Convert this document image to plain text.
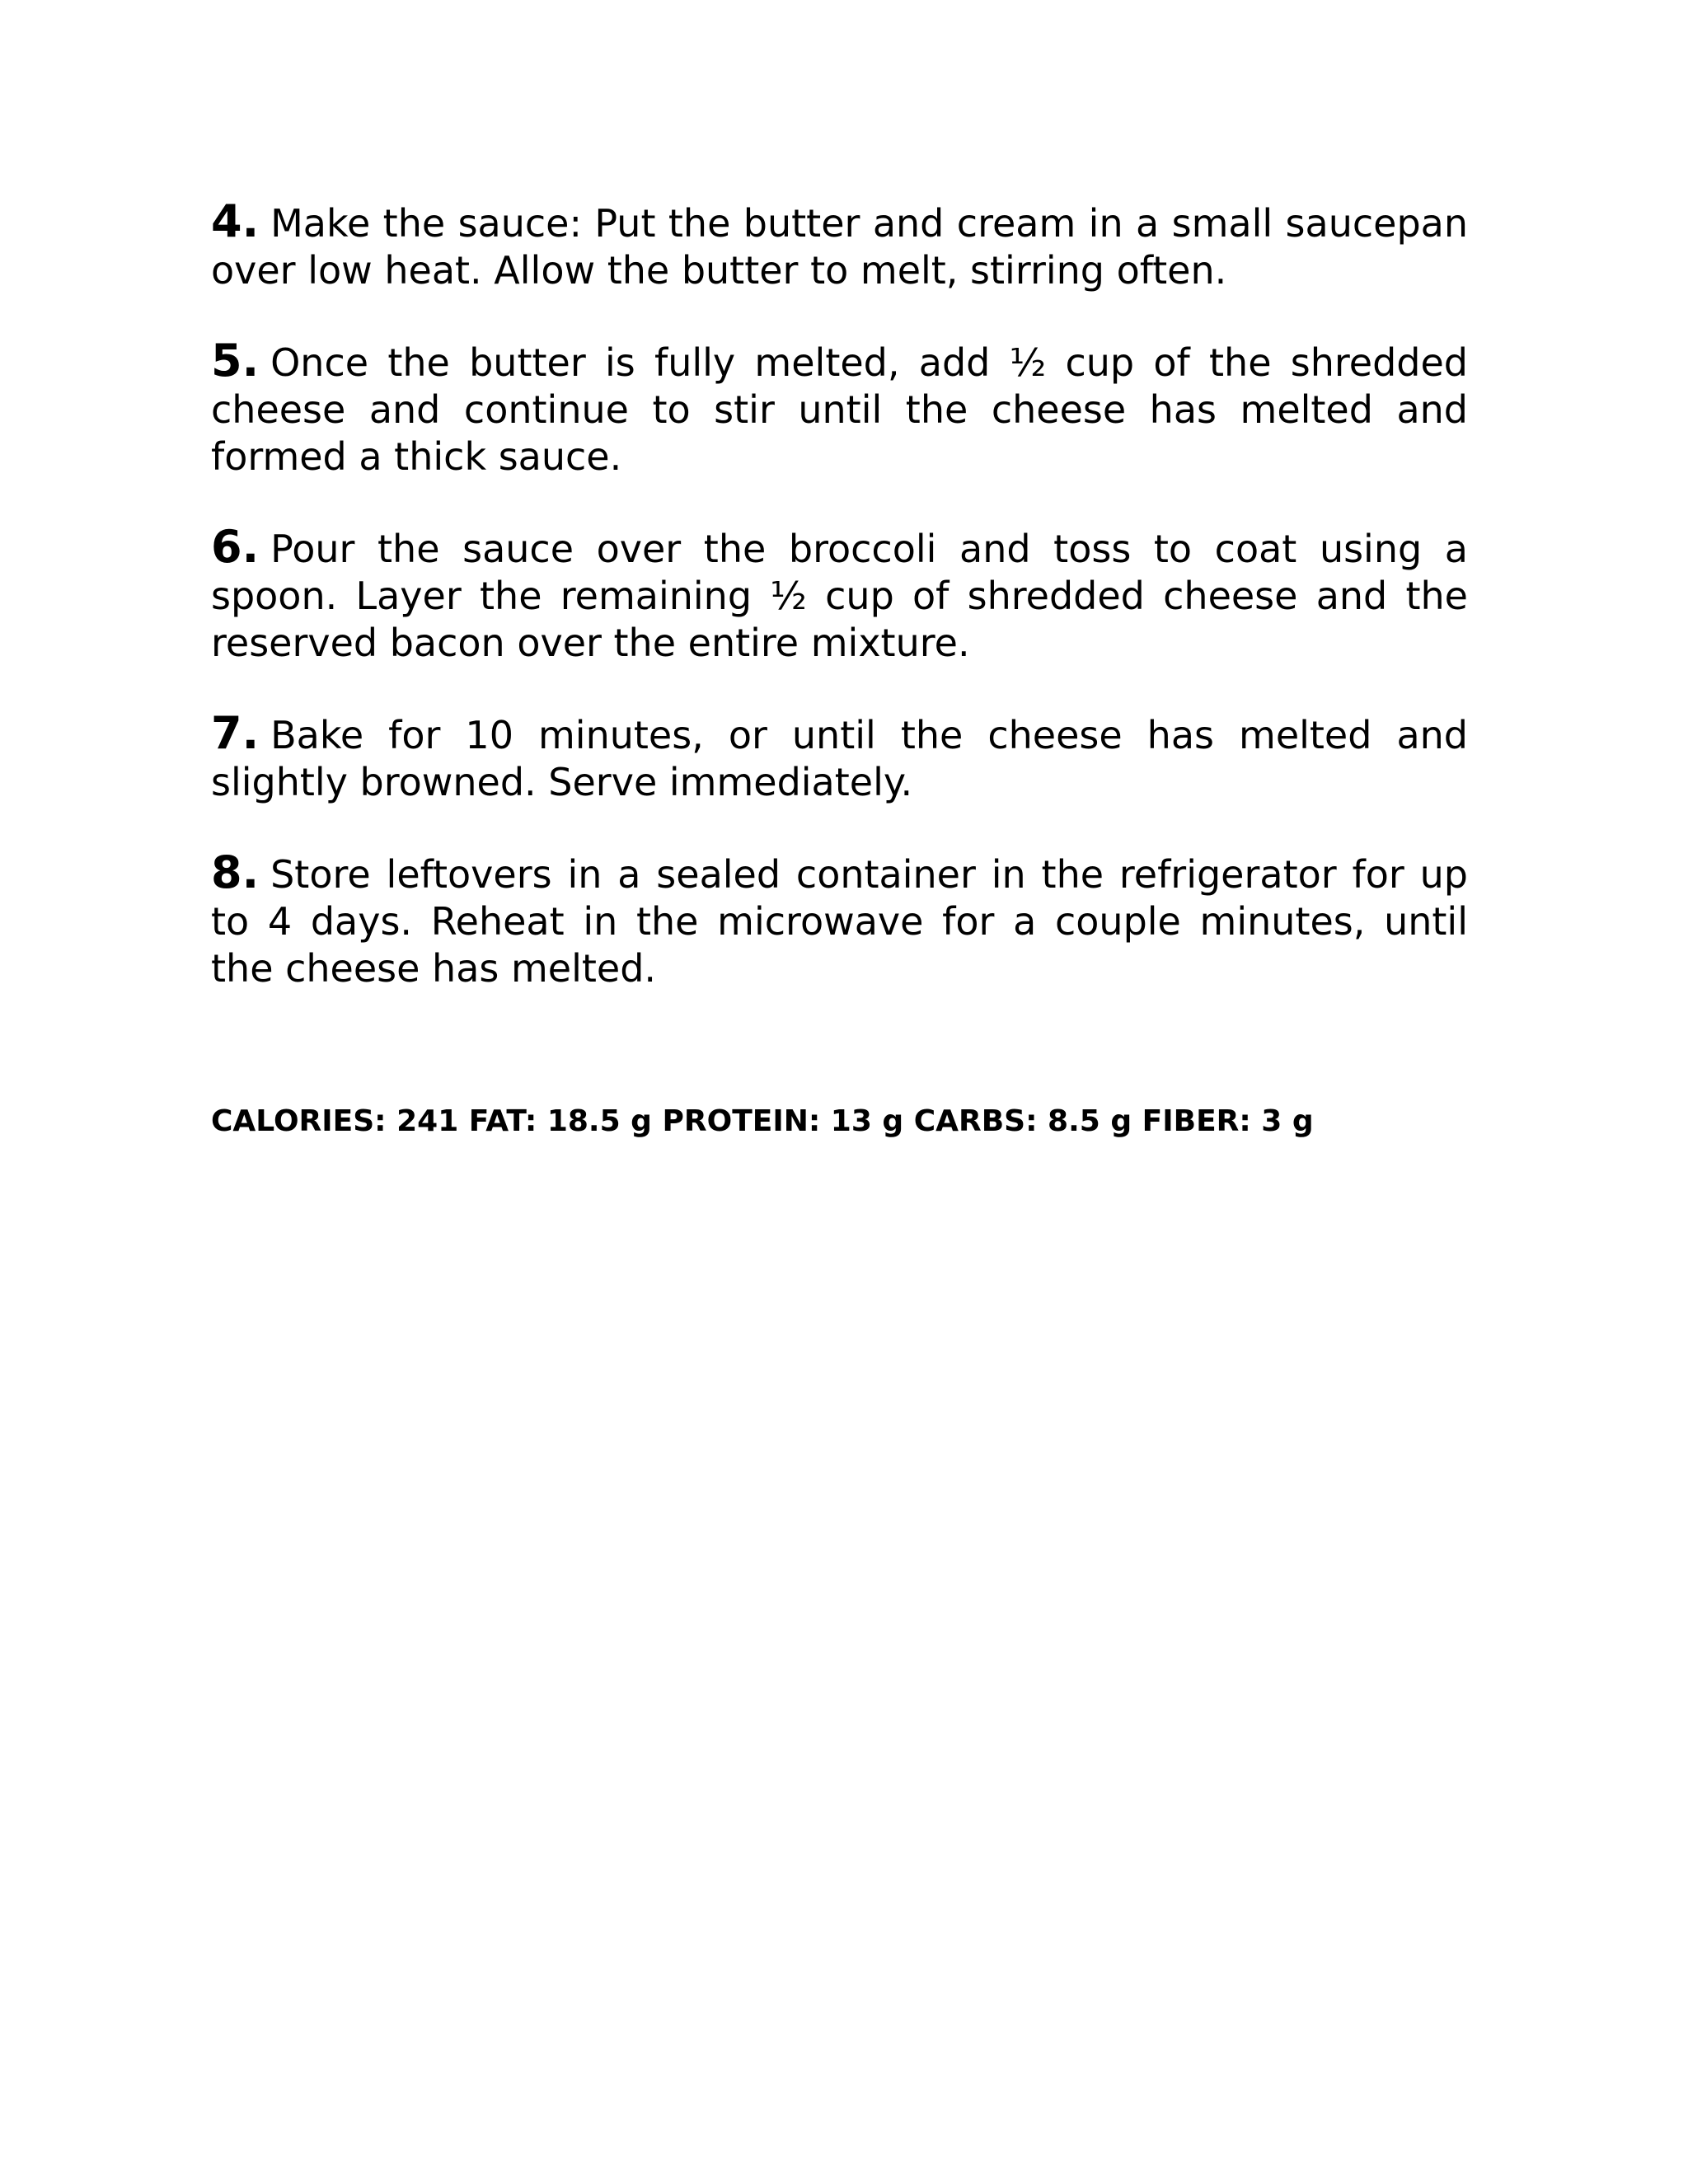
4. Make the sauce: Put the butter and cream in a small saucepan over low heat. Allow the butter to melt, stirring often.

5. Once the butter is fully melted, add ½ cup of the shredded cheese and continue to stir until the cheese has melted and formed a thick sauce.

6. Pour the sauce over the broccoli and toss to coat using a spoon. Layer the remaining ½ cup of shredded cheese and the reserved bacon over the entire mixture.

7. Bake for 10 minutes, or until the cheese has melted and slightly browned. Serve immediately.

8. Store leftovers in a sealed container in the refrigerator for up to 4 days. Reheat in the microwave for a couple minutes, until the cheese has melted.

CALORIES: 241 FAT: 18.5 g PROTEIN: 13 g CARBS: 8.5 g FIBER: 3 g
